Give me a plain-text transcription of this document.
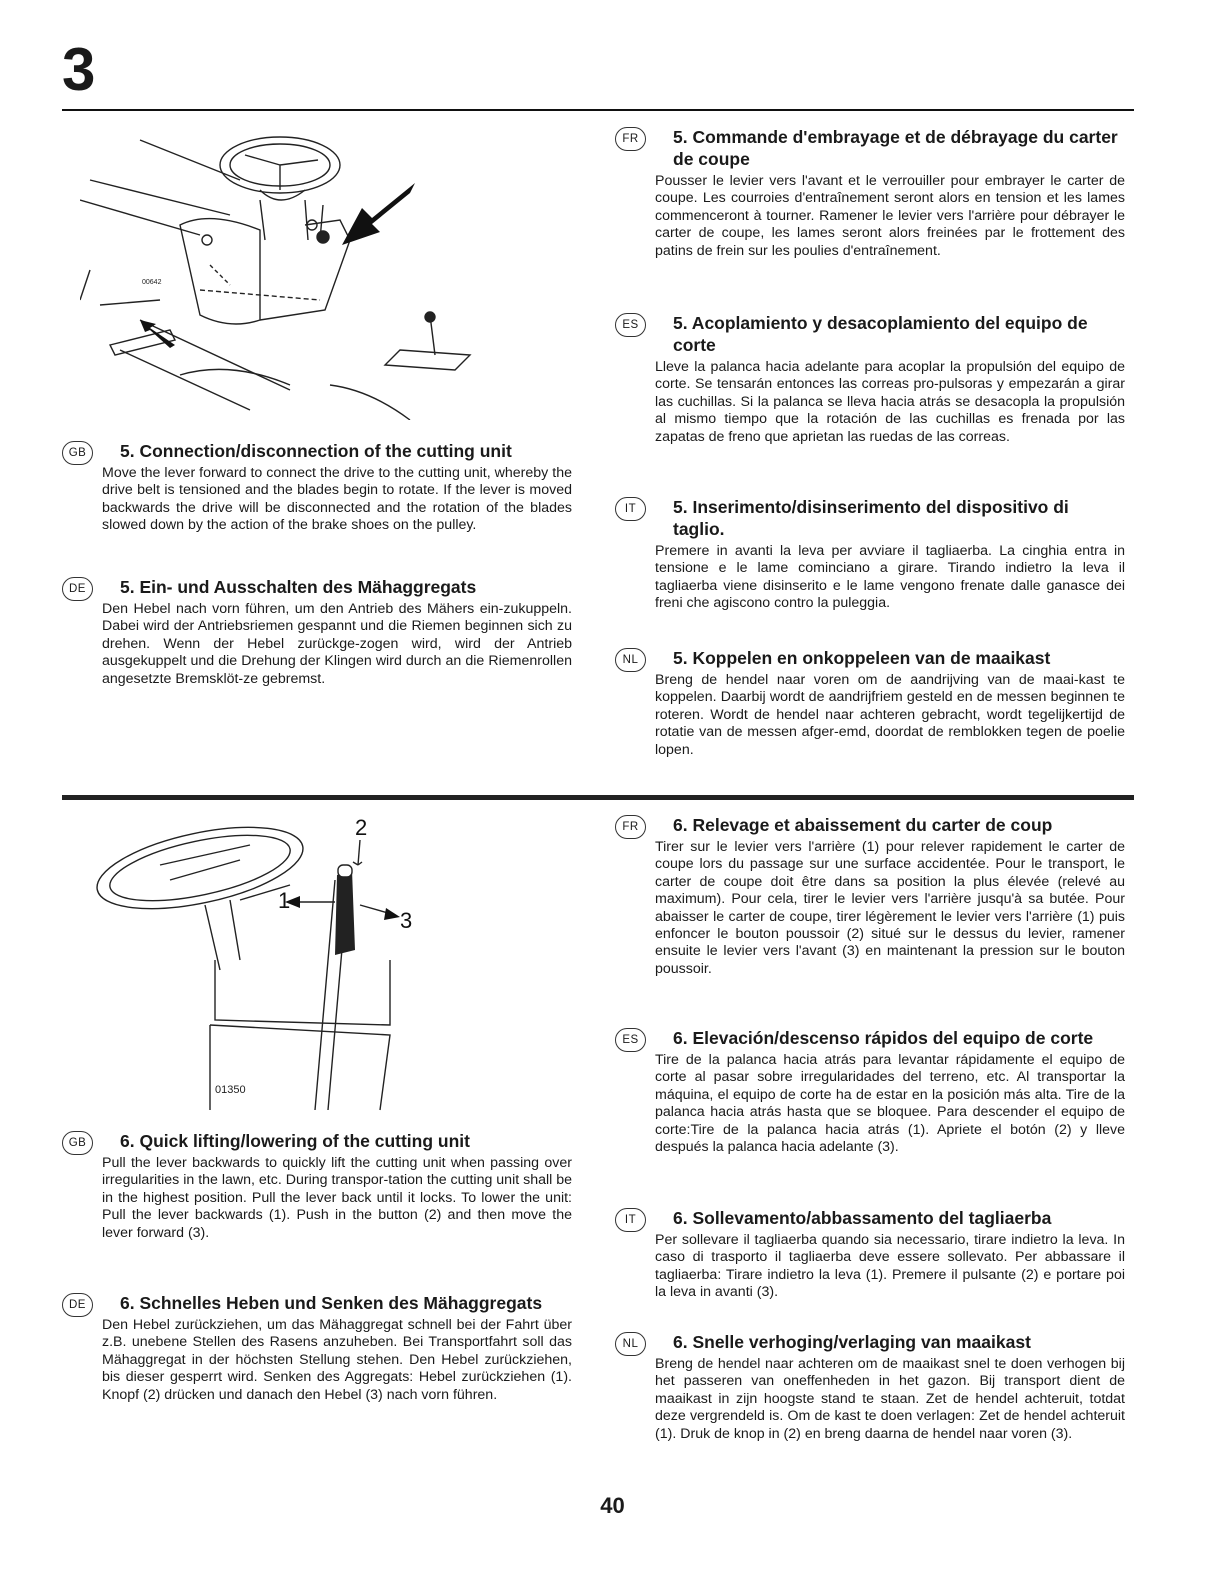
3
00642
2
1
3
01350
GB	5. Connection/disconnection of the cutting unit
Move the lever forward to connect the drive to the cutting unit, whereby the drive belt is tensioned and the blades begin to rotate. If the lever is moved backwards the drive will be disconnected and the rotation of the blades slowed down by the action of the brake shoes on the pulley.
DE	5. Ein- und Ausschalten des Mähaggregats
Den Hebel nach vorn führen, um den Antrieb des Mähers ein-zukuppeln. Dabei wird der Antriebsriemen gespannt und die Riemen beginnen sich zu drehen. Wenn der Hebel zurückge-zogen wird, wird der Antrieb ausgekuppelt und die Drehung der Klingen wird durch an die Riemenrollen angesetzte Bremsklöt-ze gebremst.
FR	5. Commande d'embrayage et de débrayage du carter de coupe
Pousser le levier vers l'avant et le verrouiller pour embrayer le carter de coupe. Les courroies d'entraînement seront alors en tension et les lames commenceront à tourner. Ramener le levier vers l'arrière pour débrayer le carter de coupe, les lames seront alors freinées par le frottement des patins de frein sur les poulies d'entraînement.
ES	5. Acoplamiento y desacoplamiento del equipo de corte
Lleve la palanca hacia adelante para acoplar la propulsión del equipo de corte. Se tensarán entonces las correas pro-pulsoras y empezarán a girar las cuchillas. Si la palanca se lleva hacia atrás se desacopla la propulsión al mismo tiempo que la rotación de las cuchillas es frenada por las zapatas de freno que aprietan las ruedas de las correas.
IT	5. Inserimento/disinserimento del dispositivo di taglio.
Premere in avanti la leva per avviare il tagliaerba. La cinghia entra in tensione e le lame cominciano a girare. Tirando indietro la leva il tagliaerba viene disinserito e le lame vengono frenate dalle ganasce dei freni che agiscono contro la puleggia.
NL	5. Koppelen en onkoppeleen van de maaikast
Breng de hendel naar voren om de aandrijving van de maai-kast te koppelen. Daarbij wordt de aandrijfriem gesteld en de messen beginnen te roteren. Wordt de hendel naar achteren gebracht, wordt tegelijkertijd de rotatie van de messen afger-emd, doordat de remblokken tegen de poelie lopen.
GB	6. Quick lifting/lowering of the cutting unit
Pull the lever backwards to quickly lift the cutting unit when passing over irregularities in the lawn, etc. During transpor-tation the cutting unit shall be in the highest position. Pull the lever back until it locks. To lower the unit: Pull the lever backwards (1). Push in the button (2) and then move the lever forward (3).
DE	6. Schnelles Heben und Senken des Mähaggregats
Den Hebel zurückziehen, um das Mähaggregat schnell bei der Fahrt über z.B. unebene Stellen des Rasens anzuheben. Bei Transportfahrt soll das Mähaggregat in der höchsten Stellung stehen. Den Hebel zurückziehen, bis dieser gesperrt wird. Senken des Aggregats: Hebel zurückziehen (1). Knopf (2) drücken und danach den Hebel (3) nach vorn führen.
FR	6. Relevage et abaissement du carter de coup
Tirer sur le levier vers l'arrière (1) pour relever rapidement le carter de coupe lors du passage sur une surface accidentée. Pour le transport, le carter de coupe doit être dans sa position la plus élevée (relevé au maximum). Pour cela, tirer le levier vers l'arrière jusqu'à sa butée. Pour abaisser le carter de coupe, tirer légèrement le levier vers l'arrière (1) puis enfoncer le bouton poussoir (2) situé sur le dessus du levier, ramener ensuite le levier vers l'avant (3) en maintenant la pression sur le bouton poussoir.
ES	6. Elevación/descenso rápidos del equipo de corte
Tire de la palanca hacia atrás para levantar rápidamente el equipo de corte al pasar sobre irregularidades del terreno, etc. Al transportar la máquina, el equipo de corte ha de estar en la posición más alta. Tire de la palanca hacia atrás hasta que se bloquee. Para descender el equipo de corte:Tire de la palanca hacia atrás (1). Apriete el botón (2) y lleve después la palanca hacia adelante (3).
IT	6. Sollevamento/abbassamento del tagliaerba
Per sollevare il tagliaerba quando sia necessario, tirare indietro la leva. In caso di trasporto il tagliaerba deve essere sollevato. Per abbassare il tagliaerba: Tirare indietro la leva (1). Premere il pulsante (2) e portare poi la leva in avanti (3).
NL	6. Snelle verhoging/verlaging van maaikast
Breng de hendel naar achteren om de maaikast snel te doen verhogen bij het passeren van oneffenheden in het gazon. Bij transport dient de maaikast in zijn hoogste stand te staan. Zet de hendel achteruit, totdat deze vergrendeld is. Om de kast te doen verlagen: Zet de hendel achteruit (1). Druk de knop in (2) en breng daarna de hendel naar voren (3).
40
